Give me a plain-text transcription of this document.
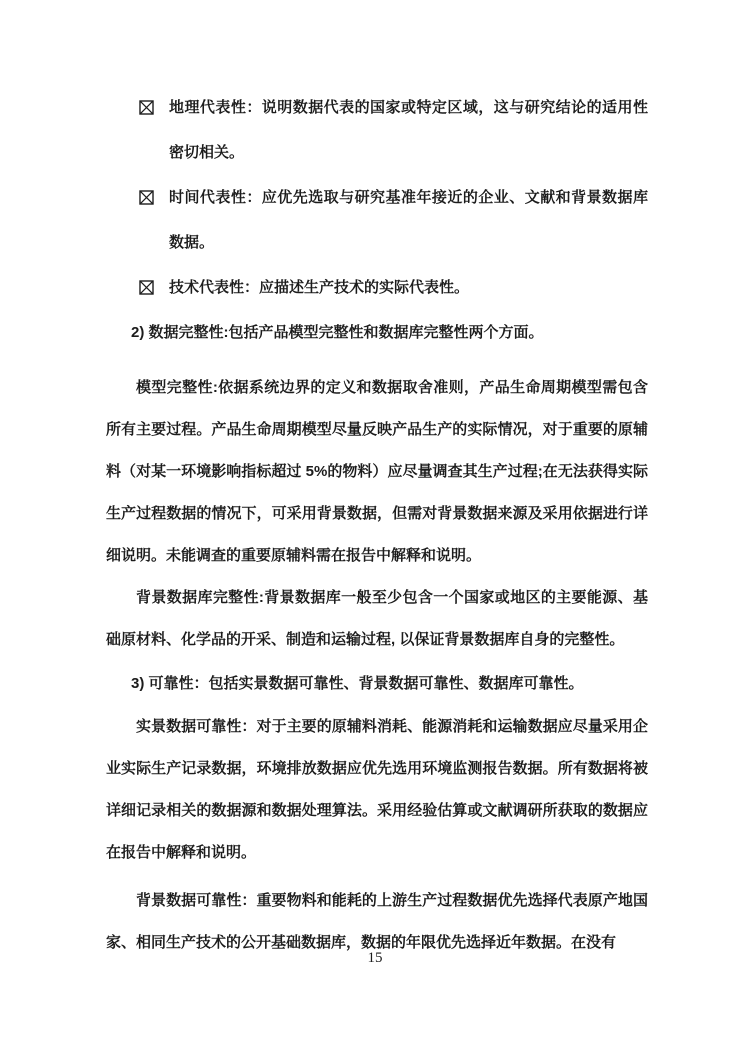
地理代表性：说明数据代表的国家或特定区域，这与研究结论的适用性密切相关。
时间代表性：应优先选取与研究基准年接近的企业、文献和背景数据库数据。
技术代表性：应描述生产技术的实际代表性。

2) 数据完整性:包括产品模型完整性和数据库完整性两个方面。

模型完整性:依据系统边界的定义和数据取舍准则，产品生命周期模型需包含所有主要过程。产品生命周期模型尽量反映产品生产的实际情况，对于重要的原辅料（对某一环境影响指标超过 5%的物料）应尽量调查其生产过程;在无法获得实际生产过程数据的情况下，可采用背景数据，但需对背景数据来源及采用依据进行详细说明。未能调查的重要原辅料需在报告中解释和说明。

背景数据库完整性:背景数据库一般至少包含一个国家或地区的主要能源、基础原材料、化学品的开采、制造和运输过程, 以保证背景数据库自身的完整性。

3) 可靠性：包括实景数据可靠性、背景数据可靠性、数据库可靠性。

实景数据可靠性：对于主要的原辅料消耗、能源消耗和运输数据应尽量采用企业实际生产记录数据，环境排放数据应优先选用环境监测报告数据。所有数据将被详细记录相关的数据源和数据处理算法。采用经验估算或文献调研所获取的数据应在报告中解释和说明。

背景数据可靠性：重要物料和能耗的上游生产过程数据优先选择代表原产地国家、相同生产技术的公开基础数据库，数据的年限优先选择近年数据。在没有

15
